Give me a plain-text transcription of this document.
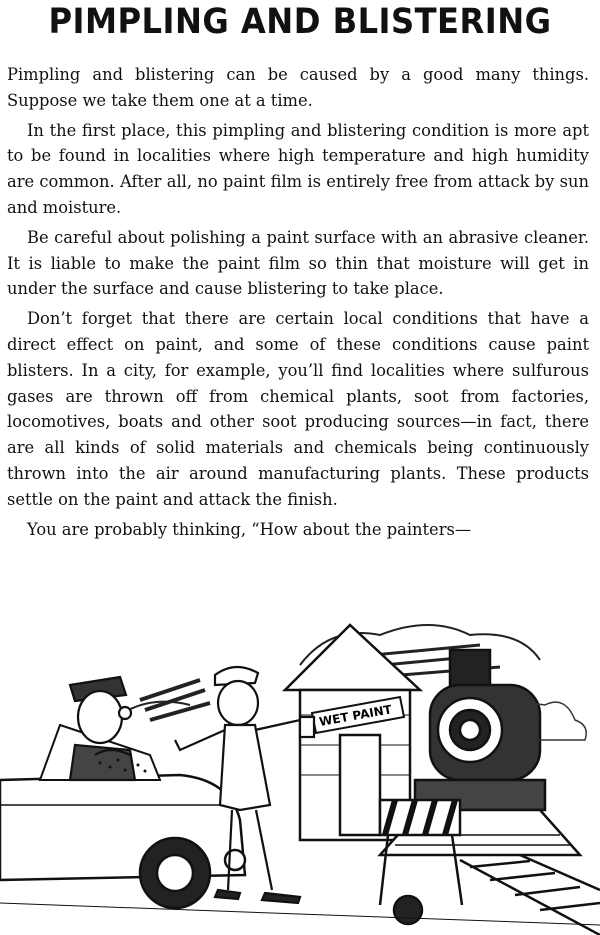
PIMPLING AND BLISTERING

Pimpling and blistering can be caused by a good many things. Suppose we take them one at a time.

In the first place, this pimpling and blistering condition is more apt to be found in localities where high temperature and high humidity are common. After all, no paint film is entirely free from attack by sun and moisture.

Be careful about polishing a paint surface with an abrasive cleaner. It is liable to make the paint film so thin that moisture will get in under the surface and cause blistering to take place.

Don’t forget that there are certain local conditions that have a direct effect on paint, and some of these conditions cause paint blisters. In a city, for example, you’ll find localities where sulfurous gases are thrown off from chemical plants, soot from factories, locomotives, boats and other soot producing sources—in fact, there are all kinds of solid materials and chemicals being continuously thrown into the air around manufacturing plants. These products settle on the paint and attack the finish.

You are probably thinking, “How about the painters—

WET PAINT
